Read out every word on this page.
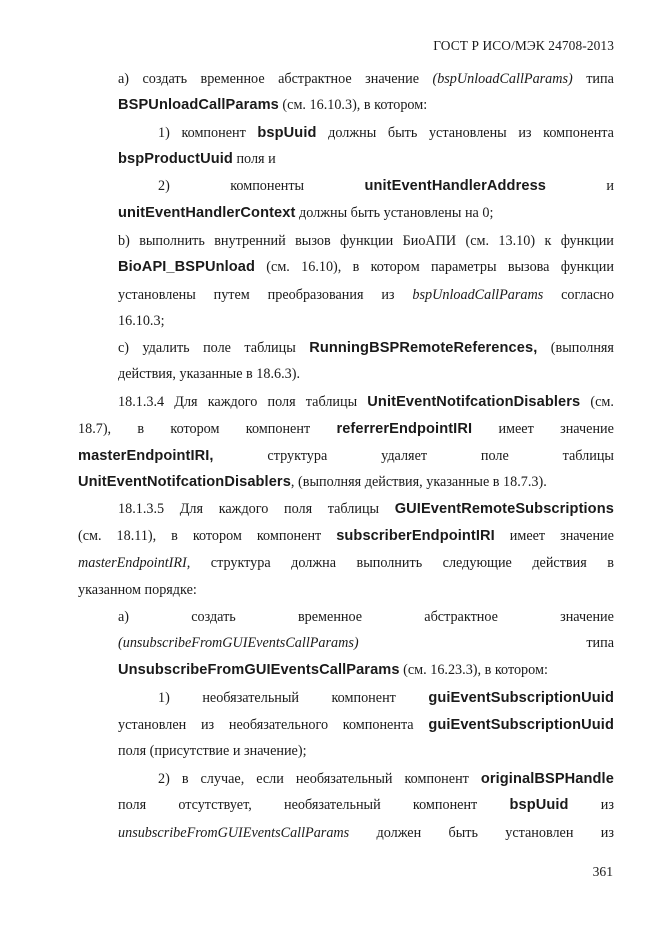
ГОСТ Р ИСО/МЭК 24708-2013
а) создать временное абстрактное значение (bspUnloadCallParams) типа
BSPUnloadCallParams (см. 16.10.3), в котором:
1) компонент bspUuid должны быть установлены из компонента
bspProductUuid поля и
2)	компоненты	unitEventHandlerAddress	и
unitEventHandlerContext должны быть установлены на 0;
b) выполнить внутренний вызов функции БиоАПИ (см. 13.10) к функции
BioAPI_BSPUnload (см. 16.10), в котором параметры вызова функции
установлены путем преобразования из bspUnloadCallParams согласно
16.10.3;
c) удалить поле таблицы RunningBSPRemoteReferences, (выполняя
действия, указанные в 18.6.3).
18.1.3.4 Для каждого поля таблицы UnitEventNotifcationDisablers (см.
18.7), в котором компонент referrerEndpointIRI имеет значение
masterEndpointIRI,	структура	удаляет	поле	таблицы
UnitEventNotifcationDisablers, (выполняя действия, указанные в 18.7.3).
18.1.3.5 Для каждого поля таблицы GUIEventRemoteSubscriptions
(см. 18.11), в котором компонент subscriberEndpointIRI имеет значение
masterEndpointIRI, структура должна выполнить следующие действия в
указанном порядке:
а)	создать	временное	абстрактное	значение
(unsubscribeFromGUIEventsCallParams)	типа
UnsubscribeFromGUIEventsCallParams (см. 16.23.3), в котором:
1) необязательный компонент guiEventSubscriptionUuid
установлен из необязательного компонента guiEventSubscriptionUuid
поля (присутствие и значение);
2) в случае, если необязательный компонент originalBSPHandle
поля отсутствует, необязательный компонент bspUuid из
unsubscribeFromGUIEventsCallParams должен быть установлен из
361
